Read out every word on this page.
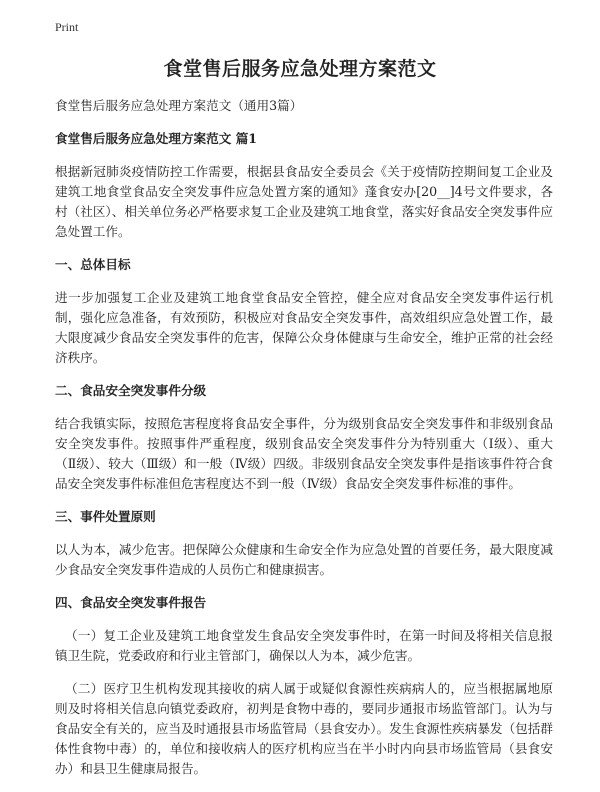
Print
食堂售后服务应急处理方案范文

食堂售后服务应急处理方案范文（通用3篇）

食堂售后服务应急处理方案范文 篇1

根据新冠肺炎疫情防控工作需要，根据县食品安全委员会《关于疫情防控期间复工企业及建筑工地食堂食品安全突发事件应急处置方案的通知》蓬食安办[20__]4号文件要求，各村（社区）、相关单位务必严格要求复工企业及建筑工地食堂，落实好食品安全突发事件应急处置工作。

一、总体目标

进一步加强复工企业及建筑工地食堂食品安全管控，健全应对食品安全突发事件运行机制，强化应急准备，有效预防，积极应对食品安全突发事件，高效组织应急处置工作，最大限度减少食品安全突发事件的危害，保障公众身体健康与生命安全，维护正常的社会经济秩序。

二、食品安全突发事件分级

结合我镇实际，按照危害程度将食品安全事件，分为级别食品安全突发事件和非级别食品安全突发事件。按照事件严重程度，级别食品安全突发事件分为特别重大（Ⅰ级）、重大（Ⅱ级）、较大（Ⅲ级）和一般（Ⅳ级）四级。非级别食品安全突发事件是指该事件符合食品安全突发事件标准但危害程度达不到一般（Ⅳ级）食品安全突发事件标准的事件。

三、事件处置原则

以人为本，减少危害。把保障公众健康和生命安全作为应急处置的首要任务，最大限度减少食品安全突发事件造成的人员伤亡和健康损害。

四、食品安全突发事件报告

（一）复工企业及建筑工地食堂发生食品安全突发事件时，在第一时间及将相关信息报镇卫生院，党委政府和行业主管部门，确保以人为本，减少危害。

（二）医疗卫生机构发现其接收的病人属于或疑似食源性疾病病人的，应当根据属地原则及时将相关信息向镇党委政府，初判是食物中毒的，要同步通报市场监管部门。认为与食品安全有关的，应当及时通报县市场监管局（县食安办）。发生食源性疾病暴发（包括群体性食物中毒）的，单位和接收病人的医疗机构应当在半小时内向县市场监管局（县食安办）和县卫生健康局报告。
